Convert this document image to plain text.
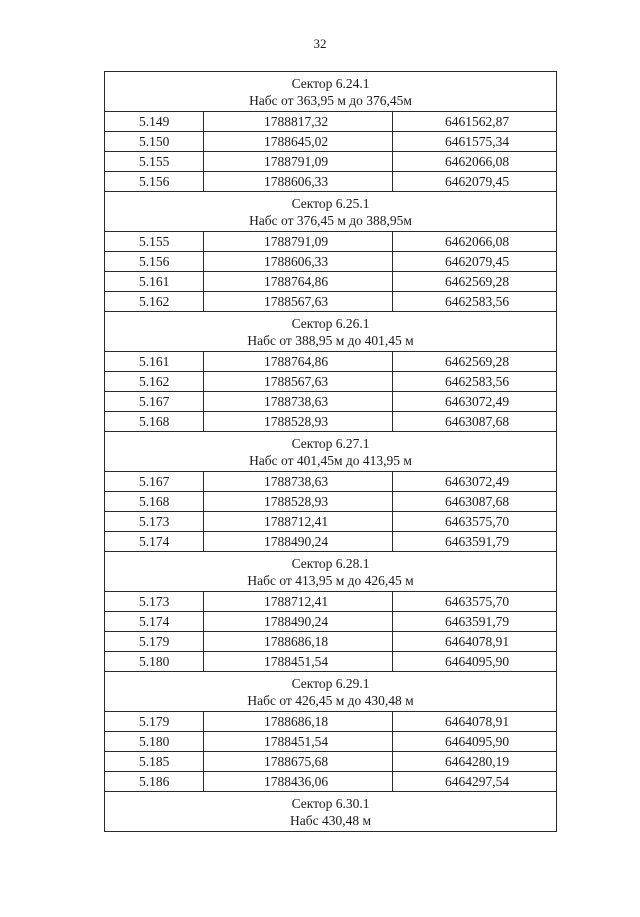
32
Сектор 6.24.1
Набс от 363,95 м до 376,45м		

5.149	1788817,32	6461562,87
5.150	1788645,02	6461575,34
5.155	1788791,09	6462066,08
5.156	1788606,33	6462079,45

Сектор 6.25.1
Набс от 376,45 м до 388,95м		

5.155	1788791,09	6462066,08
5.156	1788606,33	6462079,45
5.161	1788764,86	6462569,28
5.162	1788567,63	6462583,56

Сектор 6.26.1
Набс от 388,95 м до 401,45 м		

5.161	1788764,86	6462569,28
5.162	1788567,63	6462583,56
5.167	1788738,63	6463072,49
5.168	1788528,93	6463087,68

Сектор 6.27.1
Набс от 401,45м до 413,95 м		

5.167	1788738,63	6463072,49
5.168	1788528,93	6463087,68
5.173	1788712,41	6463575,70
5.174	1788490,24	6463591,79

Сектор 6.28.1
Набс от 413,95 м до 426,45 м		

5.173	1788712,41	6463575,70
5.174	1788490,24	6463591,79
5.179	1788686,18	6464078,91
5.180	1788451,54	6464095,90

Сектор 6.29.1
Набс от 426,45 м до 430,48 м		

5.179	1788686,18	6464078,91
5.180	1788451,54	6464095,90
5.185	1788675,68	6464280,19
5.186	1788436,06	6464297,54

Сектор 6.30.1
Набс 430,48 м		
